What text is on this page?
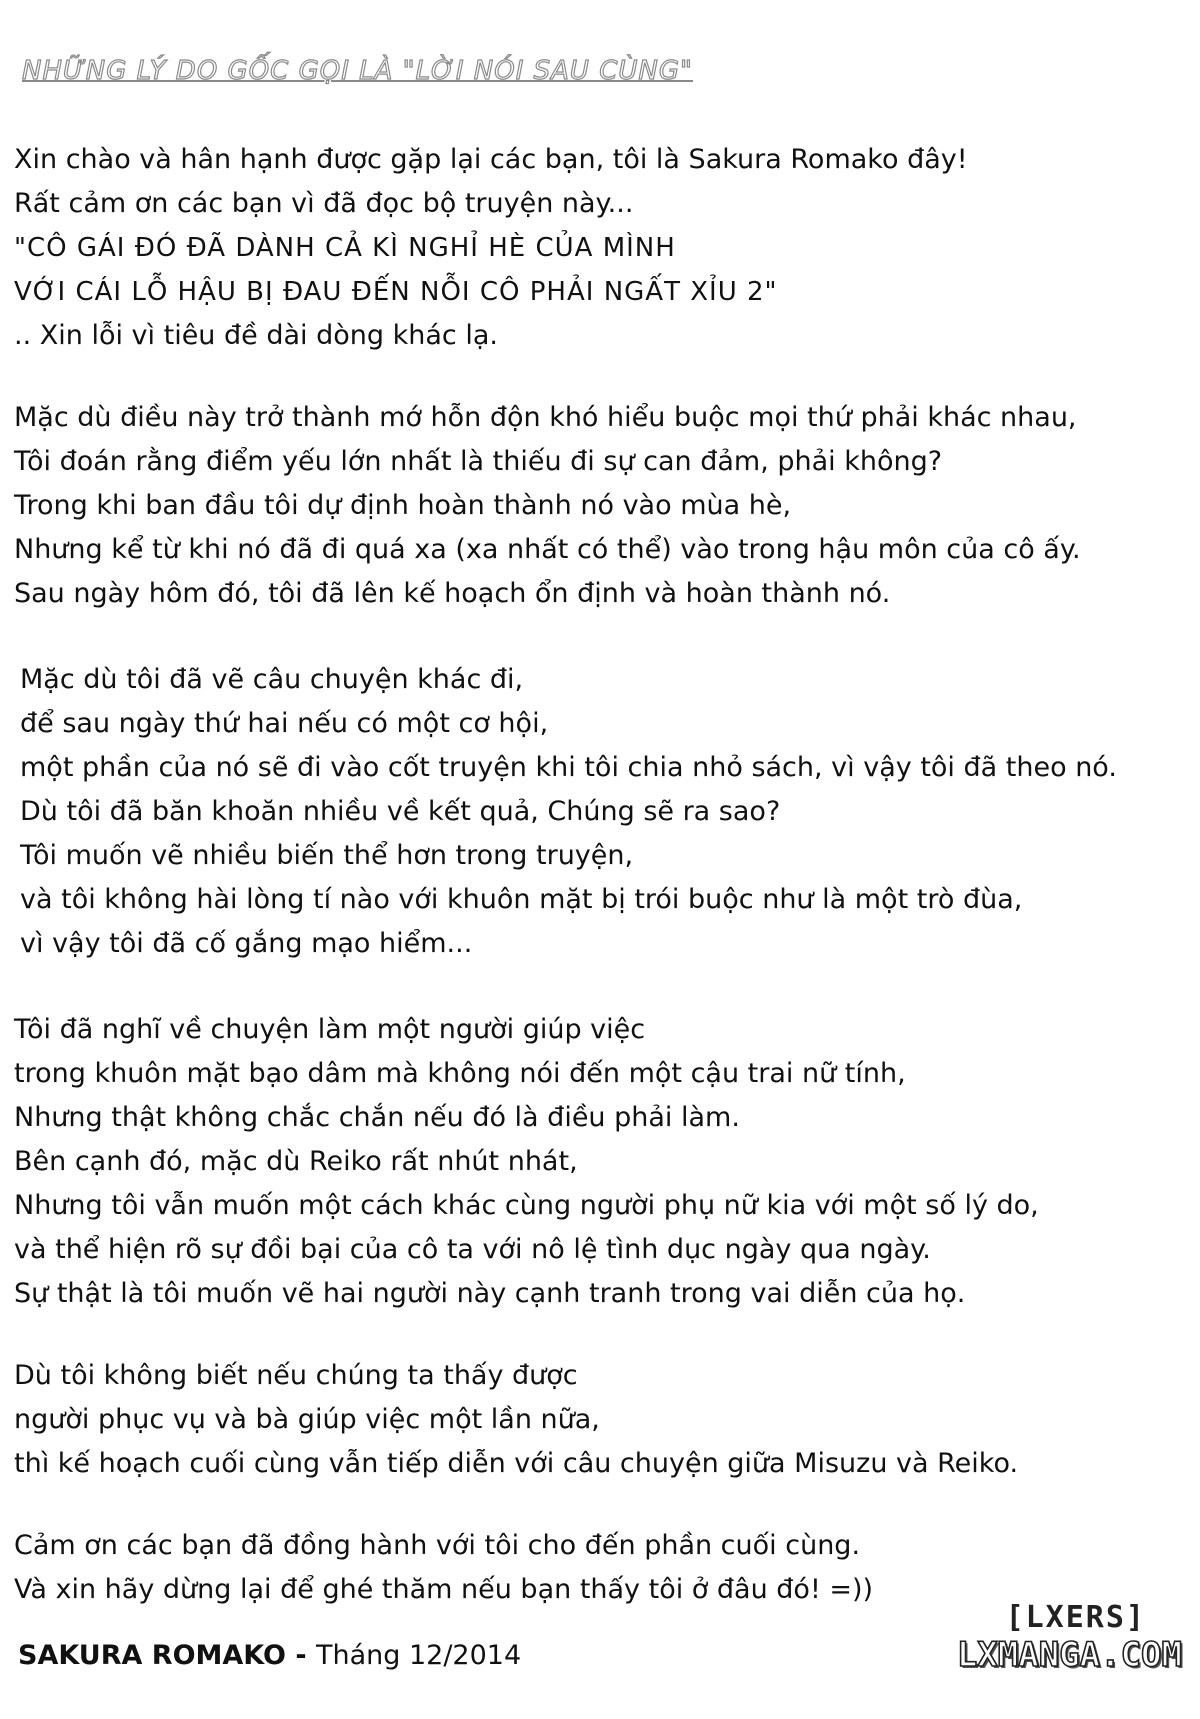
NHỮNG LÝ DO GỐC GỌI LÀ "LỜI NÓI SAU CÙNG"
Xin chào và hân hạnh được gặp lại các bạn, tôi là Sakura Romako đây!
Rất cảm ơn các bạn vì đã đọc bộ truyện này...
"CÔ GÁI ĐÓ ĐÃ DÀNH CẢ KÌ NGHỈ HÈ CỦA MÌNH
VỚI CÁI LỖ HẬU BỊ ĐAU ĐẾN NỖI CÔ PHẢI NGẤT XỈU 2"
.. Xin lỗi vì tiêu đề dài dòng khác lạ.
Mặc dù điều này trở thành mớ hỗn độn khó hiểu buộc mọi thứ phải khác nhau,
Tôi đoán rằng điểm yếu lớn nhất là thiếu đi sự can đảm, phải không?
Trong khi ban đầu tôi dự định hoàn thành nó vào mùa hè,
Nhưng kể từ khi nó đã đi quá xa (xa nhất có thể) vào trong hậu môn của cô ấy.
Sau ngày hôm đó, tôi đã lên kế hoạch ổn định và hoàn thành nó.
Mặc dù tôi đã vẽ câu chuyện khác đi,
để sau ngày thứ hai nếu có một cơ hội,
một phần của nó sẽ đi vào cốt truyện khi tôi chia nhỏ sách, vì vậy tôi đã theo nó.
Dù tôi đã băn khoăn nhiều về kết quả, Chúng sẽ ra sao?
Tôi muốn vẽ nhiều biến thể hơn trong truyện,
và tôi không hài lòng tí nào với khuôn mặt bị trói buộc như là một trò đùa,
vì vậy tôi đã cố gắng mạo hiểm...
Tôi đã nghĩ về chuyện làm một người giúp việc
trong khuôn mặt bạo dâm mà không nói đến một cậu trai nữ tính,
Nhưng thật không chắc chắn nếu đó là điều phải làm.
Bên cạnh đó, mặc dù Reiko rất nhút nhát,
Nhưng tôi vẫn muốn một cách khác cùng người phụ nữ kia với một số lý do,
và thể hiện rõ sự đồi bại của cô ta với nô lệ tình dục ngày qua ngày.
Sự thật là tôi muốn vẽ hai người này cạnh tranh trong vai diễn của họ.
Dù tôi không biết nếu chúng ta thấy được
người phục vụ và bà giúp việc một lần nữa,
thì kế hoạch cuối cùng vẫn tiếp diễn với câu chuyện giữa Misuzu và Reiko.
Cảm ơn các bạn đã đồng hành với tôi cho đến phần cuối cùng.
Và xin hãy dừng lại để ghé thăm nếu bạn thấy tôi ở đâu đó! =))
SAKURA ROMAKO - Tháng 12/2014
[LXERS]
LXMANGA.COM
